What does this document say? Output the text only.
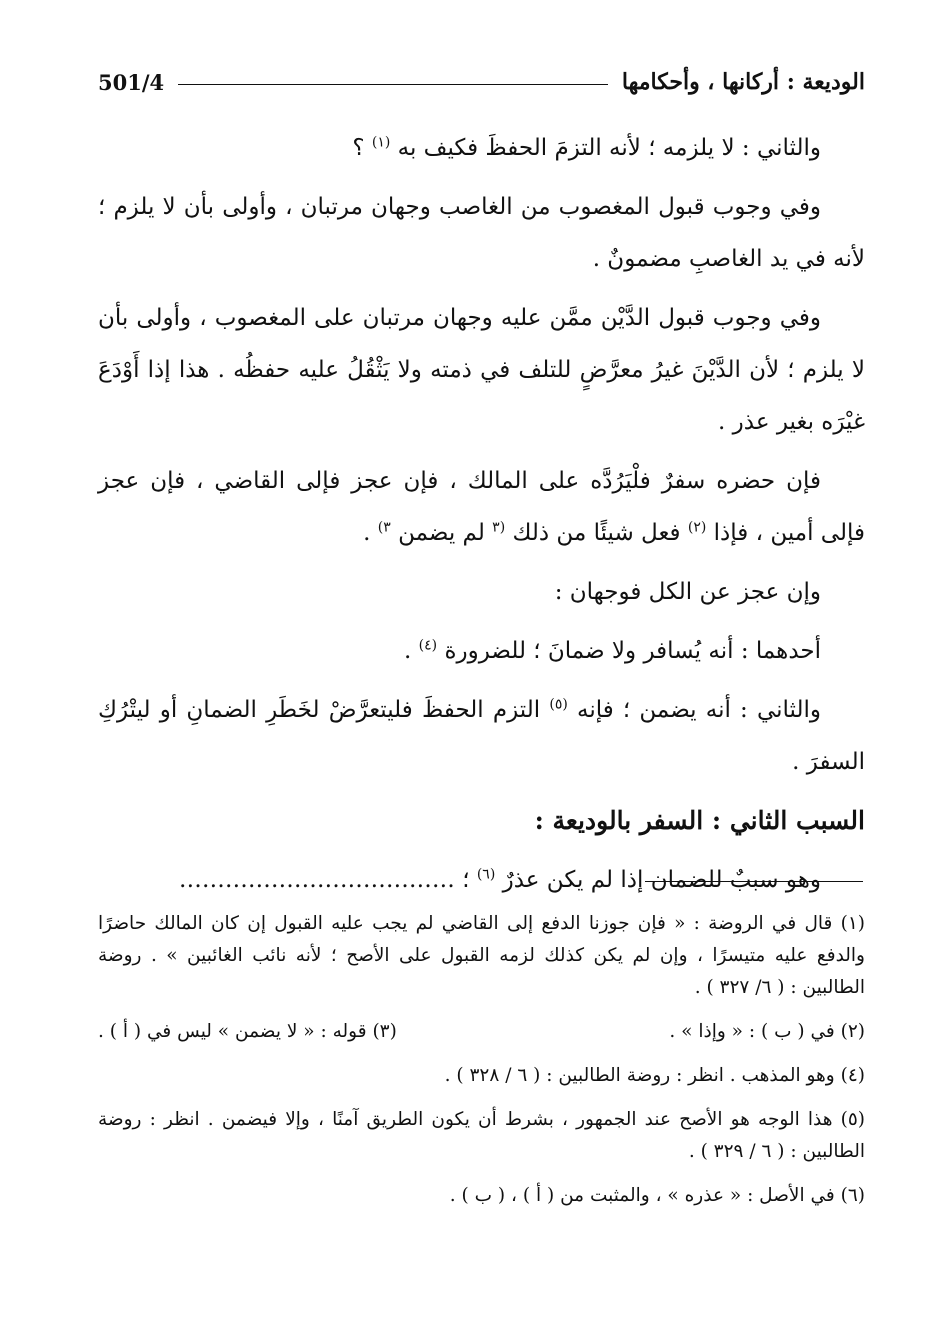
الوديعة : أركانها ، وأحكامها
501/4

والثاني : لا يلزمه ؛ لأنه التزمَ الحفظَ فكيف به $^{(١)}$ ؟

وفي وجوب قبول المغصوب من الغاصب وجهان مرتبان ، وأولى بأن لا يلزم ؛ لأنه في يد الغاصبِ مضمونٌ .

وفي وجوب قبول الدَّيْن ممَّن عليه وجهان مرتبان على المغصوب ، وأولى بأن لا يلزم ؛ لأن الدَّيْنَ غيرُ معرَّضٍ للتلف في ذمته ولا يَثْقُلُ عليه حفظُه . هذا إذا أَوْدَعَ غيْرَه بغير عذر .

فإن حضره سفرٌ فلْيَرُدَّه على المالك ، فإن عجز فإلى القاضي ، فإن عجز فإلى أمين ، فإذا $^{(٢)}$ فعل شيئًا من ذلك $^{(٣}$ لم يضمن $^{٣)}$ .

وإن عجز عن الكل فوجهان :

أحدهما : أنه يُسافر ولا ضمانَ ؛ للضرورة $^{(٤)}$ .

والثاني : أنه يضمن ؛ فإنه $^{(٥)}$ التزم الحفظَ فليتعرَّضْ لخَطَرِ الضمانِ أو ليتْرُكِ السفرَ .

السبب الثاني : السفر بالوديعة :

وهو سببٌ للضمان إذا لم يكن عذرٌ $^{(٦)}$ ؛ ………………………………

(١) قال في الروضة : « فإن جوزنا الدفع إلى القاضي لم يجب عليه القبول إن كان المالك حاضرًا والدفع عليه متيسرًا ، وإن لم يكن كذلك لزمه القبول على الأصح ؛ لأنه نائب الغائبين » . روضة الطالبين : ( ٦/ ٣٢٧ ) .

(٢) في ( ب ) : « وإذا » .
(٣) قوله : « لا يضمن » ليس في ( أ ) .

(٤) وهو المذهب . انظر : روضة الطالبين : ( ٦ / ٣٢٨ ) .

(٥) هذا الوجه هو الأصح عند الجمهور ، بشرط أن يكون الطريق آمنًا ، وإلا فيضمن . انظر : روضة الطالبين : ( ٦ / ٣٢٩ ) .

(٦) في الأصل : « عذره » ، والمثبت من ( أ ) ، ( ب ) .
